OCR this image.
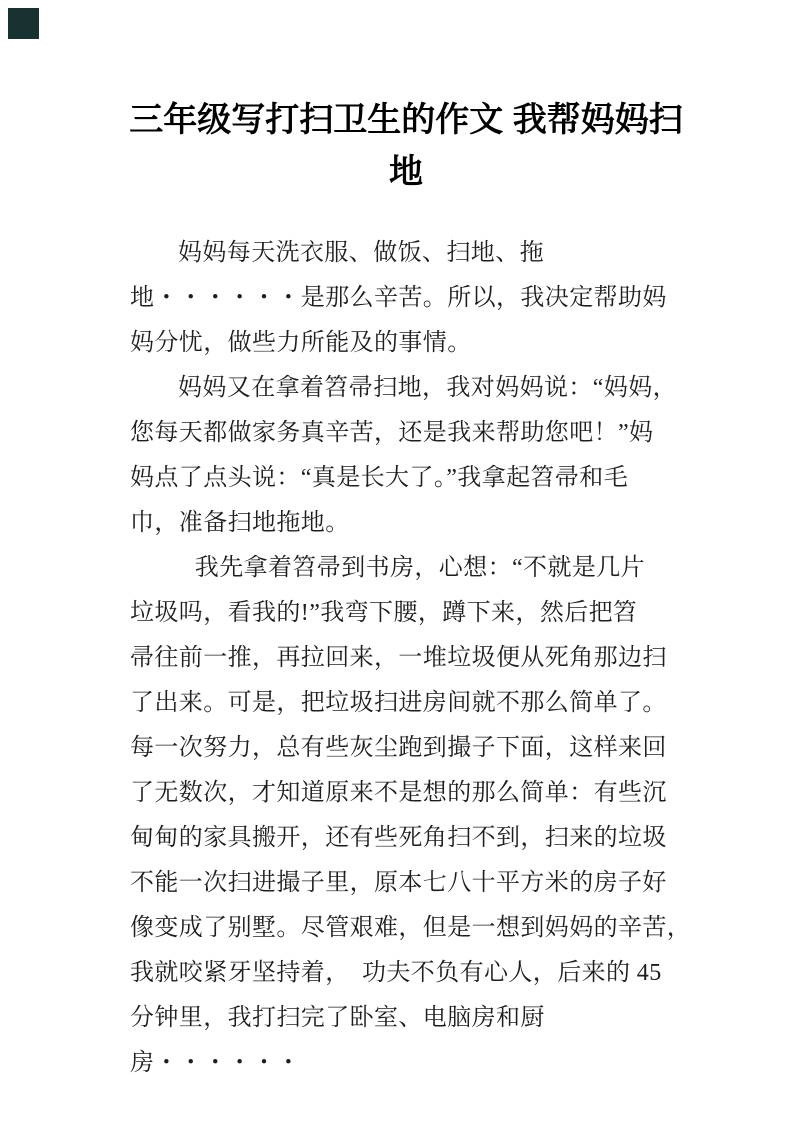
三年级写打扫卫生的作文 我帮妈妈扫
地
妈妈每天洗衣服、做饭、扫地、拖
地・・・・・・是那么辛苦。所以，我决定帮助妈
妈分忧，做些力所能及的事情。
妈妈又在拿着笤帚扫地，我对妈妈说：“妈妈，
您每天都做家务真辛苦，还是我来帮助您吧！”妈
妈点了点头说：“真是长大了。”我拿起笤帚和毛
巾，准备扫地拖地。
我先拿着笤帚到书房，心想：“不就是几片
垃圾吗，看我的!”我弯下腰，蹲下来，然后把笤
帚往前一推，再拉回来，一堆垃圾便从死角那边扫
了出来。可是，把垃圾扫进房间就不那么简单了。
每一次努力，总有些灰尘跑到撮子下面，这样来回
了无数次，才知道原来不是想的那么简单：有些沉
甸甸的家具搬开，还有些死角扫不到，扫来的垃圾
不能一次扫进撮子里，原本七八十平方米的房子好
像变成了别墅。尽管艰难，但是一想到妈妈的辛苦，
我就咬紧牙坚持着，　功夫不负有心人，后来的 45
分钟里，我打扫完了卧室、电脑房和厨
房・・・・・・
